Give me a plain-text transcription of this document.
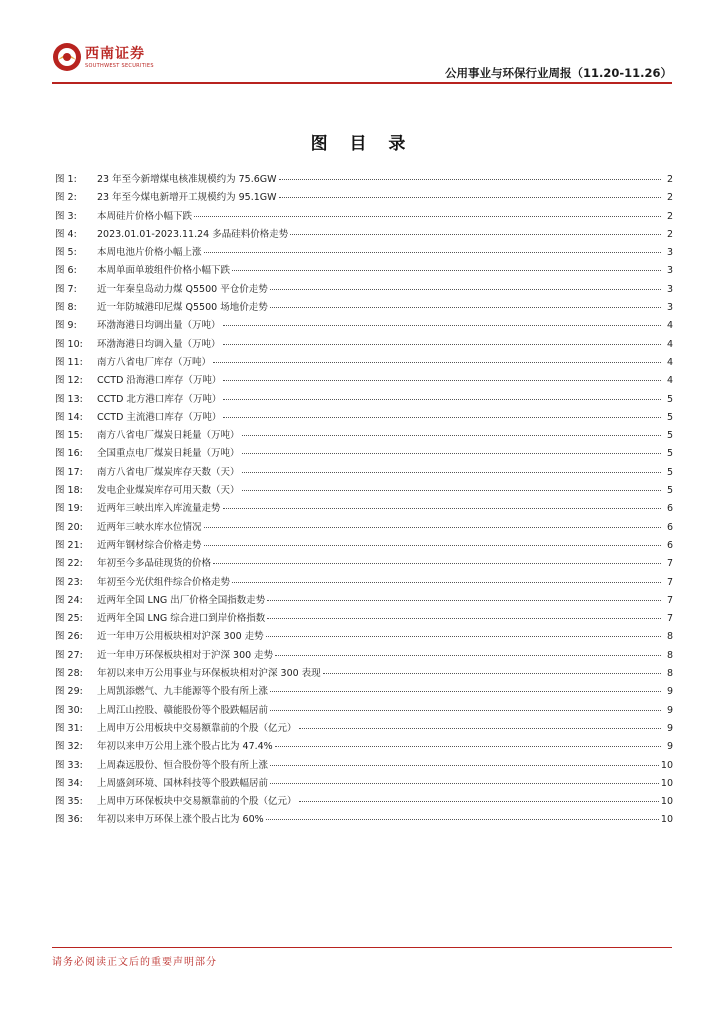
西南证券
SOUTHWEST SECURITIES	公用事业与环保行业周报（11.20-11.26）
图 目 录
图 1:	23 年至今新增煤电核准规模约为 75.6GW	2
图 2:	23 年至今煤电新增开工规模约为 95.1GW	2
图 3:	本周硅片价格小幅下跌	2
图 4:	2023.01.01-2023.11.24 多晶硅料价格走势	2
图 5:	本周电池片价格小幅上涨	3
图 6:	本周单面单玻组件价格小幅下跌	3
图 7:	近一年秦皇岛动力煤 Q5500 平仓价走势	3
图 8:	近一年防城港印尼煤 Q5500 场地价走势	3
图 9:	环渤海港日均调出量（万吨）	4
图 10:	环渤海港日均调入量（万吨）	4
图 11:	南方八省电厂库存（万吨）	4
图 12:	CCTD 沿海港口库存（万吨）	4
图 13:	CCTD 北方港口库存（万吨）	5
图 14:	CCTD 主流港口库存（万吨）	5
图 15:	南方八省电厂煤炭日耗量（万吨）	5
图 16:	全国重点电厂煤炭日耗量（万吨）	5
图 17:	南方八省电厂煤炭库存天数（天）	5
图 18:	发电企业煤炭库存可用天数（天）	5
图 19:	近两年三峡出库入库流量走势	6
图 20:	近两年三峡水库水位情况	6
图 21:	近两年钢材综合价格走势	6
图 22:	年初至今多晶硅现货的价格	7
图 23:	年初至今光伏组件综合价格走势	7
图 24:	近两年全国 LNG 出厂价格全国指数走势	7
图 25:	近两年全国 LNG 综合进口到岸价格指数	7
图 26:	近一年申万公用板块相对沪深 300 走势	8
图 27:	近一年申万环保板块相对于沪深 300 走势	8
图 28:	年初以来申万公用事业与环保板块相对沪深 300 表现	8
图 29:	上周凯添燃气、九丰能源等个股有所上涨	9
图 30:	上周江山控股、赣能股份等个股跌幅居前	9
图 31:	上周申万公用板块中交易额靠前的个股（亿元）	9
图 32:	年初以来申万公用上涨个股占比为 47.4%	9
图 33:	上周森远股份、恒合股份等个股有所上涨	10
图 34:	上周盛剑环境、国林科技等个股跌幅居前	10
图 35:	上周申万环保板块中交易额靠前的个股（亿元）	10
图 36:	年初以来申万环保上涨个股占比为 60%	10
请务必阅读正文后的重要声明部分
